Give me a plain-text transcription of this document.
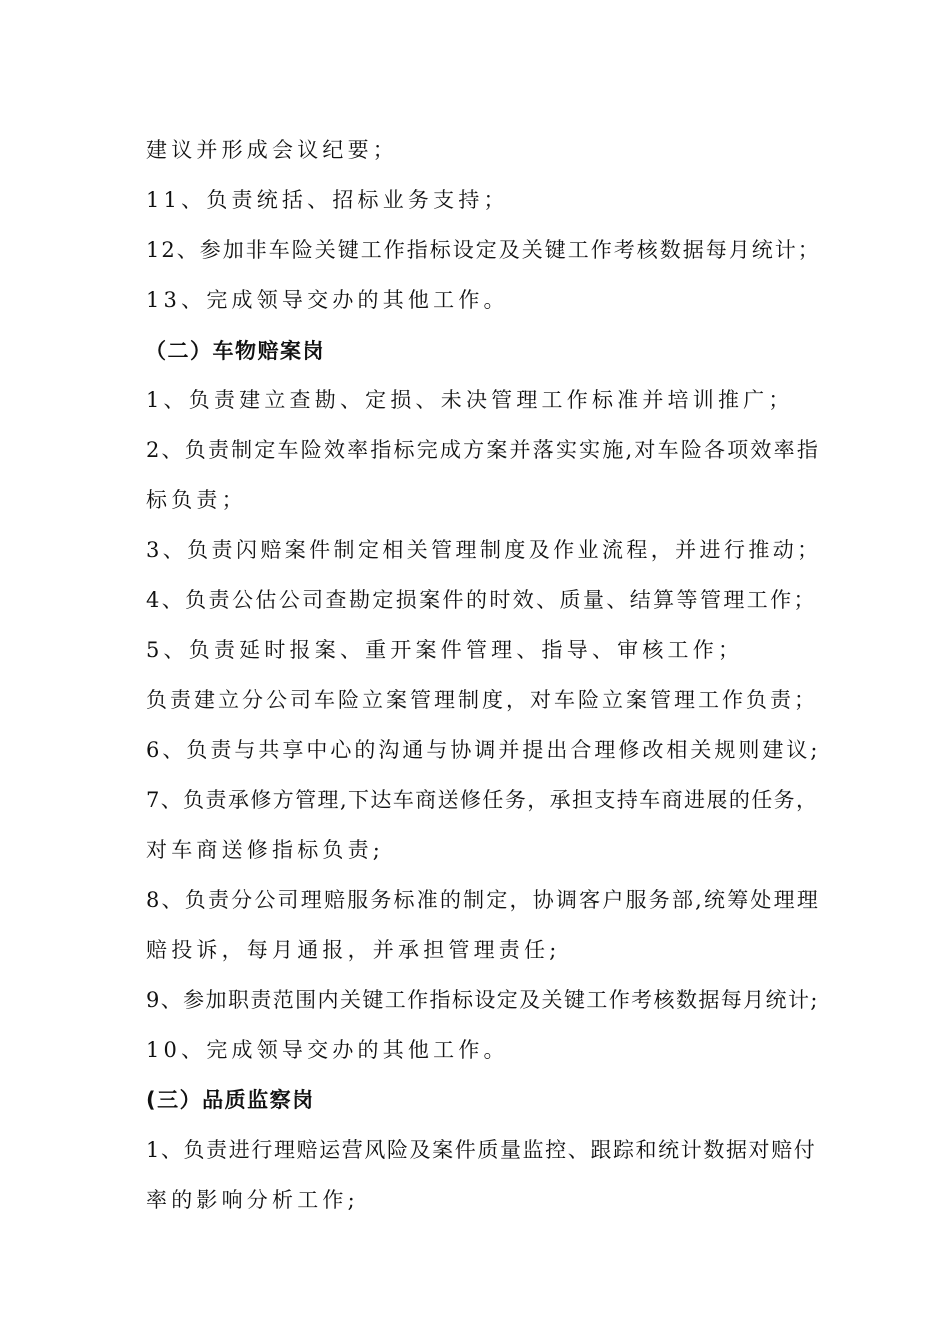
建议并形成会议纪要；
11、负责统括、招标业务支持；
12、参加非车险关键工作指标设定及关键工作考核数据每月统计；
13、完成领导交办的其他工作。
（二）车物赔案岗
1、负责建立查勘、定损、未决管理工作标准并培训推广；
2、负责制定车险效率指标完成方案并落实实施,对车险各项效率指
标负责；
3、负责闪赔案件制定相关管理制度及作业流程，并进行推动；
4、负责公估公司查勘定损案件的时效、质量、结算等管理工作；
5、负责延时报案、重开案件管理、指导、审核工作；
负责建立分公司车险立案管理制度，对车险立案管理工作负责；
6、负责与共享中心的沟通与协调并提出合理修改相关规则建议;
7、负责承修方管理,下达车商送修任务，承担支持车商进展的任务，
对车商送修指标负责;
8、负责分公司理赔服务标准的制定，协调客户服务部,统筹处理理
赔投诉，每月通报，并承担管理责任;
9、参加职责范围内关键工作指标设定及关键工作考核数据每月统计;
10、完成领导交办的其他工作。
(三）品质监察岗
1、负责进行理赔运营风险及案件质量监控、跟踪和统计数据对赔付
率的影响分析工作;
